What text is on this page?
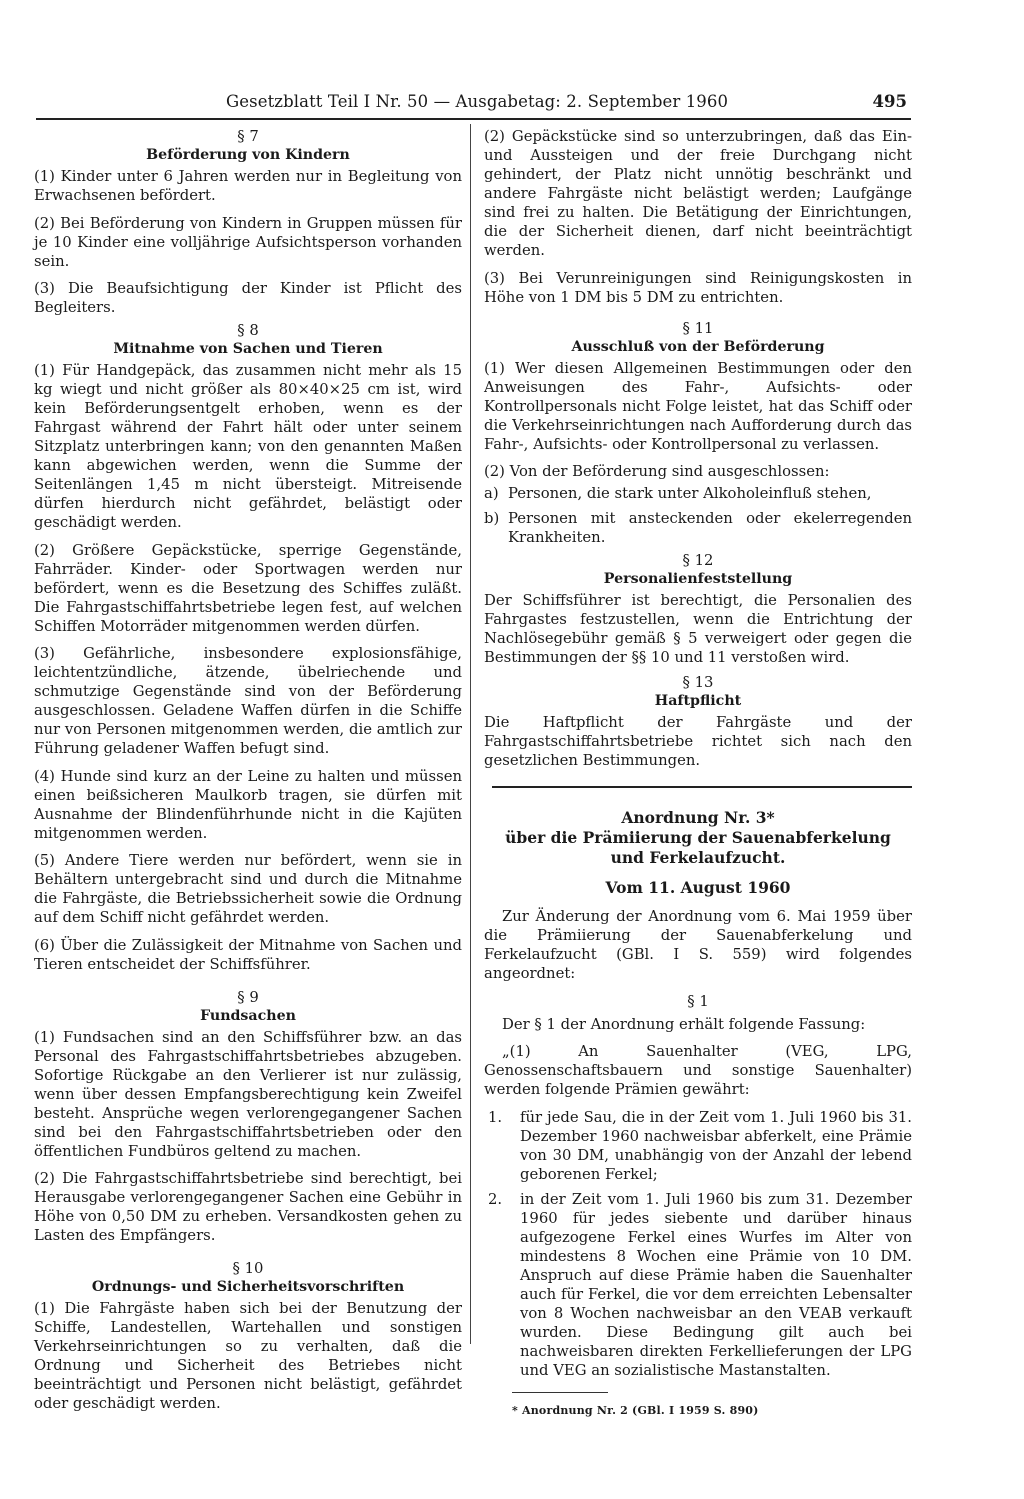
Gesetzblatt Teil I Nr. 50 — Ausgabetag: 2. September 1960	495
§ 7
Beförderung von Kindern

(1) Kinder unter 6 Jahren werden nur in Begleitung von Erwachsenen befördert.

(2) Bei Beförderung von Kindern in Gruppen müssen für je 10 Kinder eine volljährige Aufsichtsperson vorhanden sein.

(3) Die Beaufsichtigung der Kinder ist Pflicht des Begleiters.

§ 8
Mitnahme von Sachen und Tieren

(1) Für Handgepäck, das zusammen nicht mehr als 15 kg wiegt und nicht größer als 80×40×25 cm ist, wird kein Beförderungsentgelt erhoben, wenn es der Fahrgast während der Fahrt hält oder unter seinem Sitzplatz unterbringen kann; von den genannten Maßen kann abgewichen werden, wenn die Summe der Seitenlängen 1,45 m nicht übersteigt. Mitreisende dürfen hierdurch nicht gefährdet, belästigt oder geschädigt werden.

(2) Größere Gepäckstücke, sperrige Gegenstände, Fahrräder. Kinder- oder Sportwagen werden nur befördert, wenn es die Besetzung des Schiffes zuläßt. Die Fahrgastschiffahrtsbetriebe legen fest, auf welchen Schiffen Motorräder mitgenommen werden dürfen.

(3) Gefährliche, insbesondere explosionsfähige, leichtentzündliche, ätzende, übelriechende und schmutzige Gegenstände sind von der Beförderung ausgeschlossen. Geladene Waffen dürfen in die Schiffe nur von Personen mitgenommen werden, die amtlich zur Führung geladener Waffen befugt sind.

(4) Hunde sind kurz an der Leine zu halten und müssen einen beißsicheren Maulkorb tragen, sie dürfen mit Ausnahme der Blindenführhunde nicht in die Kajüten mitgenommen werden.

(5) Andere Tiere werden nur befördert, wenn sie in Behältern untergebracht sind und durch die Mitnahme die Fahrgäste, die Betriebssicherheit sowie die Ordnung auf dem Schiff nicht gefährdet werden.

(6) Über die Zulässigkeit der Mitnahme von Sachen und Tieren entscheidet der Schiffsführer.

§ 9
Fundsachen

(1) Fundsachen sind an den Schiffsführer bzw. an das Personal des Fahrgastschiffahrtsbetriebes abzugeben. Sofortige Rückgabe an den Verlierer ist nur zulässig, wenn über dessen Empfangsberechtigung kein Zweifel besteht. Ansprüche wegen verlorengegangener Sachen sind bei den Fahrgastschiffahrtsbetrieben oder den öffentlichen Fundbüros geltend zu machen.

(2) Die Fahrgastschiffahrtsbetriebe sind berechtigt, bei Herausgabe verlorengegangener Sachen eine Gebühr in Höhe von 0,50 DM zu erheben. Versandkosten gehen zu Lasten des Empfängers.

§ 10
Ordnungs- und Sicherheitsvorschriften

(1) Die Fahrgäste haben sich bei der Benutzung der Schiffe, Landestellen, Wartehallen und sonstigen Verkehrseinrichtungen so zu verhalten, daß die Ordnung und Sicherheit des Betriebes nicht beeinträchtigt und Personen nicht belästigt, gefährdet oder geschädigt werden.

(2) Gepäckstücke sind so unterzubringen, daß das Ein- und Aussteigen und der freie Durchgang nicht gehindert, der Platz nicht unnötig beschränkt und andere Fahrgäste nicht belästigt werden; Laufgänge sind frei zu halten. Die Betätigung der Einrichtungen, die der Sicherheit dienen, darf nicht beeinträchtigt werden.

(3) Bei Verunreinigungen sind Reinigungskosten in Höhe von 1 DM bis 5 DM zu entrichten.

§ 11
Ausschluß von der Beförderung

(1) Wer diesen Allgemeinen Bestimmungen oder den Anweisungen des Fahr-, Aufsichts- oder Kontrollpersonals nicht Folge leistet, hat das Schiff oder die Verkehrseinrichtungen nach Aufforderung durch das Fahr-, Aufsichts- oder Kontrollpersonal zu verlassen.

(2) Von der Beförderung sind ausgeschlossen:

a) Personen, die stark unter Alkoholeinfluß stehen,
b) Personen mit ansteckenden oder ekelerregenden Krankheiten.
§ 12
Personalienfeststellung

Der Schiffsführer ist berechtigt, die Personalien des Fahrgastes festzustellen, wenn die Entrichtung der Nachlösegebühr gemäß § 5 verweigert oder gegen die Bestimmungen der §§ 10 und 11 verstoßen wird.

§ 13
Haftpflicht

Die Haftpflicht der Fahrgäste und der Fahrgastschiffahrtsbetriebe richtet sich nach den gesetzlichen Bestimmungen.

Anordnung Nr. 3*
über die Prämiierung der Sauenabferkelung
und Ferkelaufzucht.
Vom 11. August 1960

Zur Änderung der Anordnung vom 6. Mai 1959 über die Prämiierung der Sauenabferkelung und Ferkelaufzucht (GBl. I S. 559) wird folgendes angeordnet:

§ 1

Der § 1 der Anordnung erhält folgende Fassung:

„(1) An Sauenhalter (VEG, LPG, Genossenschaftsbauern und sonstige Sauenhalter) werden folgende Prämien gewährt:

1.	für jede Sau, die in der Zeit vom 1. Juli 1960 bis 31. Dezember 1960 nachweisbar abferkelt, eine Prämie von 30 DM, unabhängig von der Anzahl der lebend geborenen Ferkel;
2.	in der Zeit vom 1. Juli 1960 bis zum 31. Dezember 1960 für jedes siebente und darüber hinaus aufgezogene Ferkel eines Wurfes im Alter von mindestens 8 Wochen eine Prämie von 10 DM. Anspruch auf diese Prämie haben die Sauenhalter auch für Ferkel, die vor dem erreichten Lebensalter von 8 Wochen nachweisbar an den VEAB verkauft wurden. Diese Bedingung gilt auch bei nachweisbaren direkten Ferkellieferungen der LPG und VEG an sozialistische Mastanstalten.
* Anordnung Nr. 2 (GBl. I 1959 S. 890)
